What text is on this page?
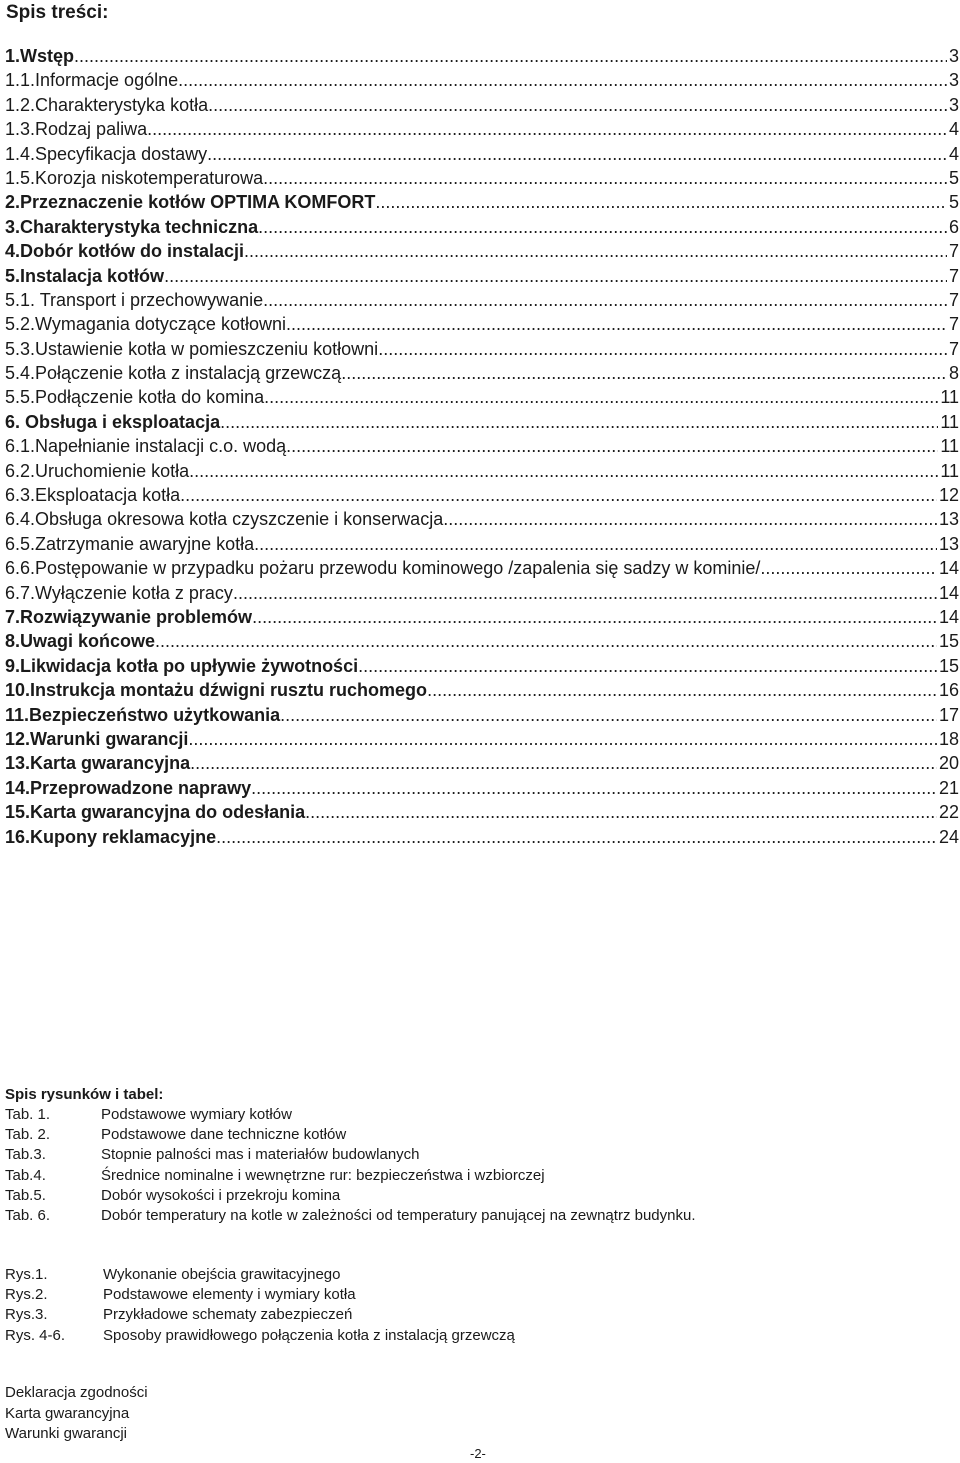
Spis treści:
1.Wstęp .....	3
1.1.Informacje ogólne .....	3
1.2.Charakterystyka kotła .....	3
1.3.Rodzaj paliwa .....	4
1.4.Specyfikacja dostawy .....	4
1.5.Korozja niskotemperaturowa .....	5
2.Przeznaczenie kotłów OPTIMA KOMFORT .....	5
3.Charakterystyka techniczna .....	6
4.Dobór kotłów do instalacji .....	7
5.Instalacja kotłów .....	7
5.1. Transport i przechowywanie .....	7
5.2.Wymagania dotyczące kotłowni .....	7
5.3.Ustawienie kotła w pomieszczeniu kotłowni .....	7
5.4.Połączenie kotła z instalacją grzewczą .....	8
5.5.Podłączenie kotła do komina .....	11
6. Obsługa i eksploatacja .....	11
6.1.Napełnianie instalacji c.o. wodą .....	11
6.2.Uruchomienie kotła .....	11
6.3.Eksploatacja kotła .....	12
6.4.Obsługa okresowa kotła czyszczenie i konserwacja .....	13
6.5.Zatrzymanie awaryjne kotła .....	13
6.6.Postępowanie w przypadku pożaru przewodu kominowego /zapalenia się sadzy w kominie/ .....	14
6.7.Wyłączenie kotła z pracy .....	14
7.Rozwiązywanie problemów .....	14
8.Uwagi końcowe .....	15
9.Likwidacja kotła po upływie żywotności .....	15
10.Instrukcja montażu dźwigni rusztu ruchomego .....	16
11.Bezpieczeństwo użytkowania .....	17
12.Warunki gwarancji .....	18
13.Karta gwarancyjna .....	20
14.Przeprowadzone naprawy .....	21
15.Karta gwarancyjna do odesłania .....	22
16.Kupony reklamacyjne .....	24
Spis rysunków i tabel:
Tab. 1.	Podstawowe wymiary kotłów
Tab. 2.	Podstawowe dane techniczne kotłów
Tab.3.	Stopnie palności mas i materiałów budowlanych
Tab.4.	Średnice nominalne i wewnętrzne rur: bezpieczeństwa i wzbiorczej
Tab.5.	Dobór wysokości i przekroju komina
Tab. 6.	Dobór temperatury na kotle w zależności od temperatury panującej na zewnątrz budynku.
Rys.1.	Wykonanie obejścia grawitacyjnego
Rys.2.	Podstawowe elementy i wymiary kotła
Rys.3.	Przykładowe schematy zabezpieczeń
Rys. 4-6.	Sposoby prawidłowego połączenia kotła z instalacją grzewczą
Deklaracja zgodności
Karta gwarancyjna
Warunki gwarancji
-2-
